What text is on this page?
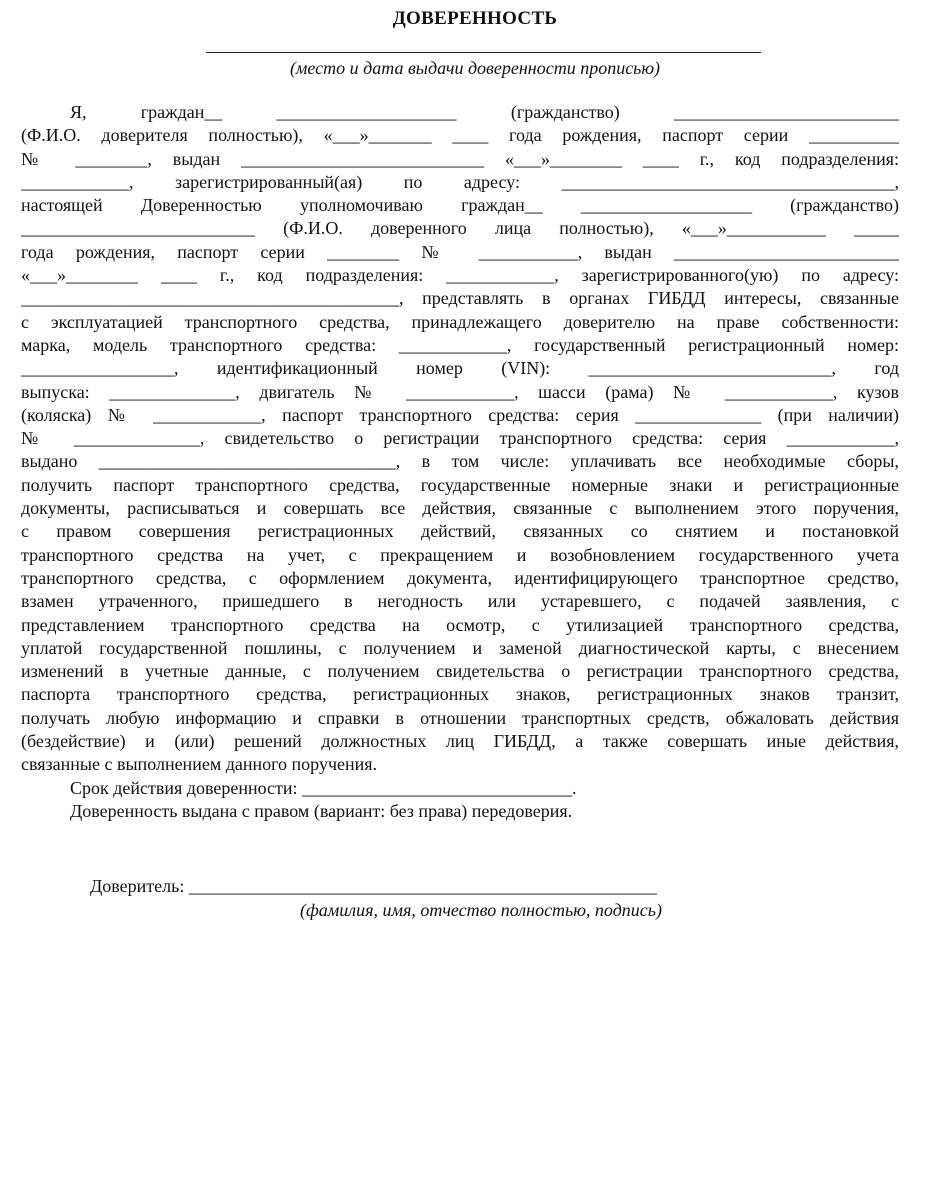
ДОВЕРЕННОСТЬ
(место и дата выдачи доверенности прописью)
Я, граждан__ ____________________ (гражданство) _________________________
(Ф.И.О. доверителя полностью), «___»_______ ____ года рождения, паспорт серии __________
№ ________, выдан ___________________________ «___»________ ____ г., код подразделения:
____________, зарегистрированный(ая) по адресу: _____________________________________,
настоящей Доверенностью уполномочиваю граждан__ ___________________ (гражданство)
__________________________ (Ф.И.О. доверенного лица полностью), «___»___________ _____
года рождения, паспорт серии ________ № ___________, выдан _________________________
«___»________ ____ г., код подразделения: ____________, зарегистрированного(ую) по адресу:
__________________________________________, представлять в органах ГИБДД интересы, связанные
с эксплуатацией транспортного средства, принадлежащего доверителю на праве собственности:
марка, модель транспортного средства: ____________, государственный регистрационный номер:
_________________, идентификационный номер (VIN): ___________________________, год
выпуска: ______________, двигатель № ____________, шасси (рама) № ____________, кузов
(коляска) № ____________, паспорт транспортного средства: серия ______________ (при наличии)
№ ______________, свидетельство о регистрации транспортного средства: серия ____________,
выдано _________________________________, в том числе: уплачивать все необходимые сборы,
получить паспорт транспортного средства, государственные номерные знаки и регистрационные
документы, расписываться и совершать все действия, связанные с выполнением этого поручения,
с правом совершения регистрационных действий, связанных со снятием и постановкой
транспортного средства на учет, с прекращением и возобновлением государственного учета
транспортного средства, с оформлением документа, идентифицирующего транспортное средство,
взамен утраченного, пришедшего в негодность или устаревшего, с подачей заявления, с
представлением транспортного средства на осмотр, с утилизацией транспортного средства,
уплатой государственной пошлины, с получением и заменой диагностической карты, с внесением
изменений в учетные данные, с получением свидетельства о регистрации транспортного средства,
паспорта транспортного средства, регистрационных знаков, регистрационных знаков транзит,
получать любую информацию и справки в отношении транспортных средств, обжаловать действия
(бездействие) и (или) решений должностных лиц ГИБДД, а также совершать иные действия,
связанные с выполнением данного поручения.
Срок действия доверенности: ______________________________.
Доверенность выдана с правом (вариант: без права) передоверия.
Доверитель: ____________________________________________________
(фамилия, имя, отчество полностью, подпись)
